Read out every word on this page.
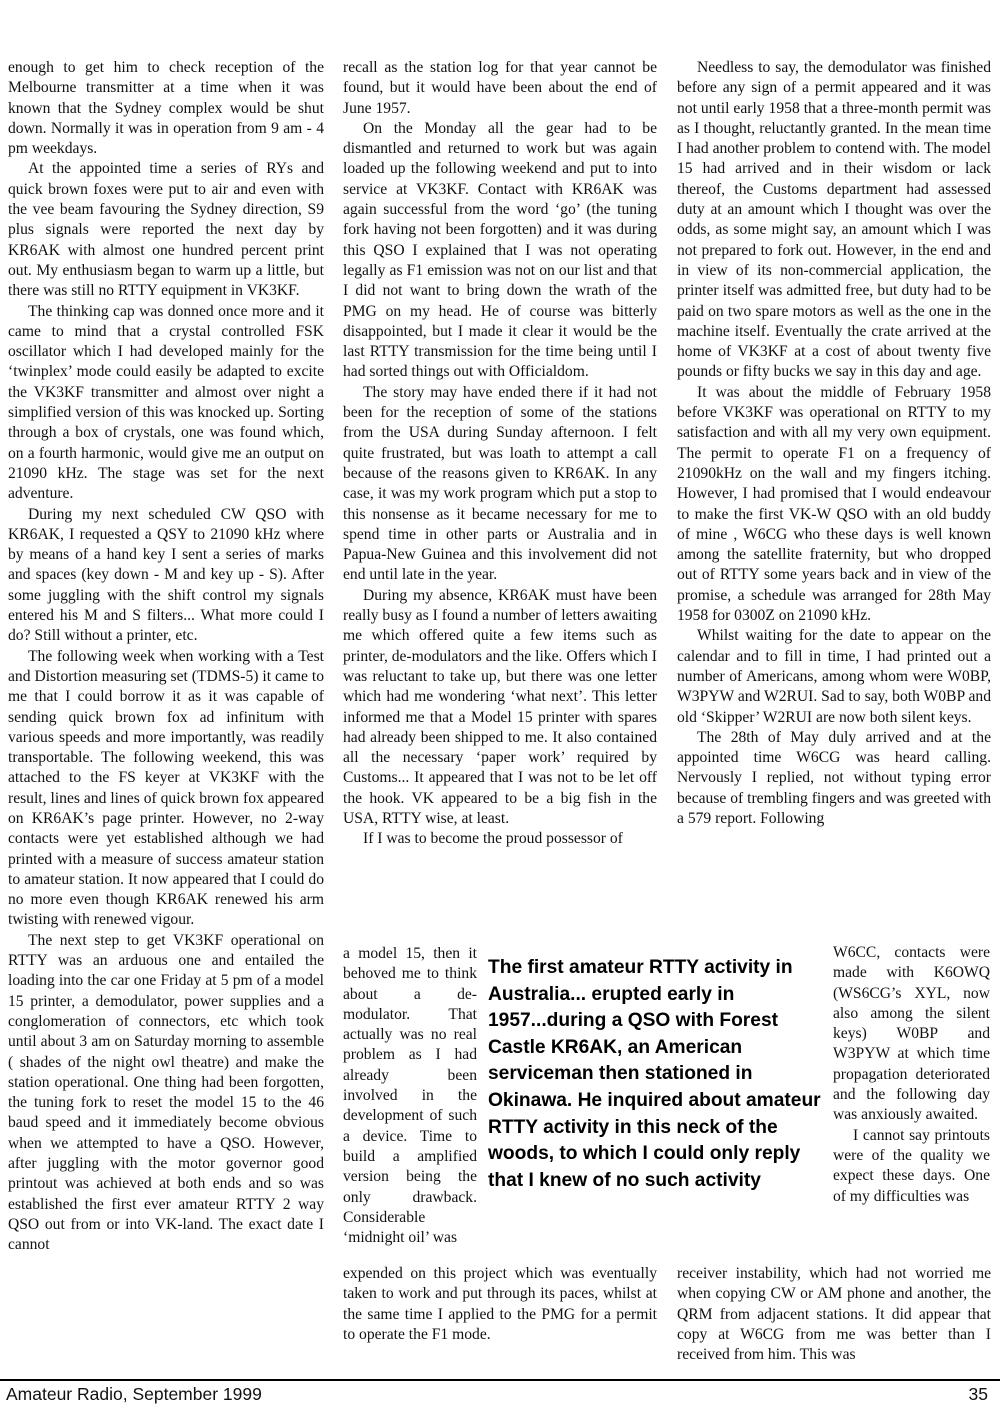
enough to get him to check reception of the Melbourne transmitter at a time when it was known that the Sydney complex would be shut down. Normally it was in operation from 9 am - 4 pm weekdays.

At the appointed time a series of RYs and quick brown foxes were put to air and even with the vee beam favouring the Sydney direction, S9 plus signals were reported the next day by KR6AK with almost one hundred percent print out. My enthusiasm began to warm up a little, but there was still no RTTY equipment in VK3KF.

The thinking cap was donned once more and it came to mind that a crystal controlled FSK oscillator which I had developed mainly for the ‘twinplex’ mode could easily be adapted to excite the VK3KF transmitter and almost over night a simplified version of this was knocked up. Sorting through a box of crystals, one was found which, on a fourth harmonic, would give me an output on 21090 kHz. The stage was set for the next adventure.

During my next scheduled CW QSO with KR6AK, I requested a QSY to 21090 kHz where by means of a hand key I sent a series of marks and spaces (key down - M and key up - S). After some juggling with the shift control my signals entered his M and S filters... What more could I do? Still without a printer, etc.

The following week when working with a Test and Distortion measuring set (TDMS-5) it came to me that I could borrow it as it was capable of sending quick brown fox ad infinitum with various speeds and more importantly, was readily transportable. The following weekend, this was attached to the FS keyer at VK3KF with the result, lines and lines of quick brown fox appeared on KR6AK’s page printer. However, no 2-way contacts were yet established although we had printed with a measure of success amateur station to amateur station. It now appeared that I could do no more even though KR6AK renewed his arm twisting with renewed vigour.

The next step to get VK3KF operational on RTTY was an arduous one and entailed the loading into the car one Friday at 5 pm of a model 15 printer, a demodulator, power supplies and a conglomeration of connectors, etc which took until about 3 am on Saturday morning to assemble ( shades of the night owl theatre) and make the station operational. One thing had been forgotten, the tuning fork to reset the model 15 to the 46 baud speed and it immediately become obvious when we attempted to have a QSO. However, after juggling with the motor governor good printout was achieved at both ends and so was established the first ever amateur RTTY 2 way QSO out from or into VK-land. The exact date I cannot

recall as the station log for that year cannot be found, but it would have been about the end of June 1957.

On the Monday all the gear had to be dismantled and returned to work but was again loaded up the following weekend and put to into service at VK3KF. Contact with KR6AK was again successful from the word ‘go’ (the tuning fork having not been forgotten) and it was during this QSO I explained that I was not operating legally as F1 emission was not on our list and that I did not want to bring down the wrath of the PMG on my head. He of course was bitterly disappointed, but I made it clear it would be the last RTTY transmission for the time being until I had sorted things out with Officialdom.

The story may have ended there if it had not been for the reception of some of the stations from the USA during Sunday afternoon. I felt quite frustrated, but was loath to attempt a call because of the reasons given to KR6AK. In any case, it was my work program which put a stop to this nonsense as it became necessary for me to spend time in other parts or Australia and in Papua-New Guinea and this involvement did not end until late in the year.

During my absence, KR6AK must have been really busy as I found a number of letters awaiting me which offered quite a few items such as printer, de-modulators and the like. Offers which I was reluctant to take up, but there was one letter which had me wondering ‘what next’. This letter informed me that a Model 15 printer with spares had already been shipped to me. It also contained all the necessary ‘paper work’ required by Customs... It appeared that I was not to be let off the hook. VK appeared to be a big fish in the USA, RTTY wise, at least.

If I was to become the proud possessor of

a model 15, then it behoved me to think about a de-modulator. That actually was no real problem as I had already been involved in the development of such a device. Time to build a amplified version being the only drawback. Considerable ‘midnight oil’ was

The first amateur RTTY activity in Australia... erupted early in 1957...during a QSO with Forest Castle KR6AK, an American serviceman then stationed in Okinawa. He inquired about amateur RTTY activity in this neck of the woods, to which I could only reply that I knew of no such activity

expended on this project which was eventually taken to work and put through its paces, whilst at the same time I applied to the PMG for a permit to operate the F1 mode.

Needless to say, the demodulator was finished before any sign of a permit appeared and it was not until early 1958 that a three-month permit was as I thought, reluctantly granted. In the mean time I had another problem to contend with. The model 15 had arrived and in their wisdom or lack thereof, the Customs department had assessed duty at an amount which I thought was over the odds, as some might say, an amount which I was not prepared to fork out. However, in the end and in view of its non-commercial application, the printer itself was admitted free, but duty had to be paid on two spare motors as well as the one in the machine itself. Eventually the crate arrived at the home of VK3KF at a cost of about twenty five pounds or fifty bucks we say in this day and age.

It was about the middle of February 1958 before VK3KF was operational on RTTY to my satisfaction and with all my very own equipment. The permit to operate F1 on a frequency of 21090kHz on the wall and my fingers itching. However, I had promised that I would endeavour to make the first VK-W QSO with an old buddy of mine , W6CG who these days is well known among the satellite fraternity, but who dropped out of RTTY some years back and in view of the promise, a schedule was arranged for 28th May 1958 for 0300Z on 21090 kHz.

Whilst waiting for the date to appear on the calendar and to fill in time, I had printed out a number of Americans, among whom were W0BP, W3PYW and W2RUI. Sad to say, both W0BP and old ‘Skipper’ W2RUI are now both silent keys.

The 28th of May duly arrived and at the appointed time W6CG was heard calling. Nervously I replied, not without typing error because of trembling fingers and was greeted with a 579 report. Following

W6CC, contacts were made with K6OWQ (WS6CG’s XYL, now also among the silent keys) W0BP and W3PYW at which time propagation deteriorated and the following day was anxiously awaited.

I cannot say printouts were of the quality we expect these days. One of my difficulties was

receiver instability, which had not worried me when copying CW or AM phone and another, the QRM from adjacent stations. It did appear that copy at W6CG from me was better than I received from him. This was

Amateur Radio, September 1999	35
